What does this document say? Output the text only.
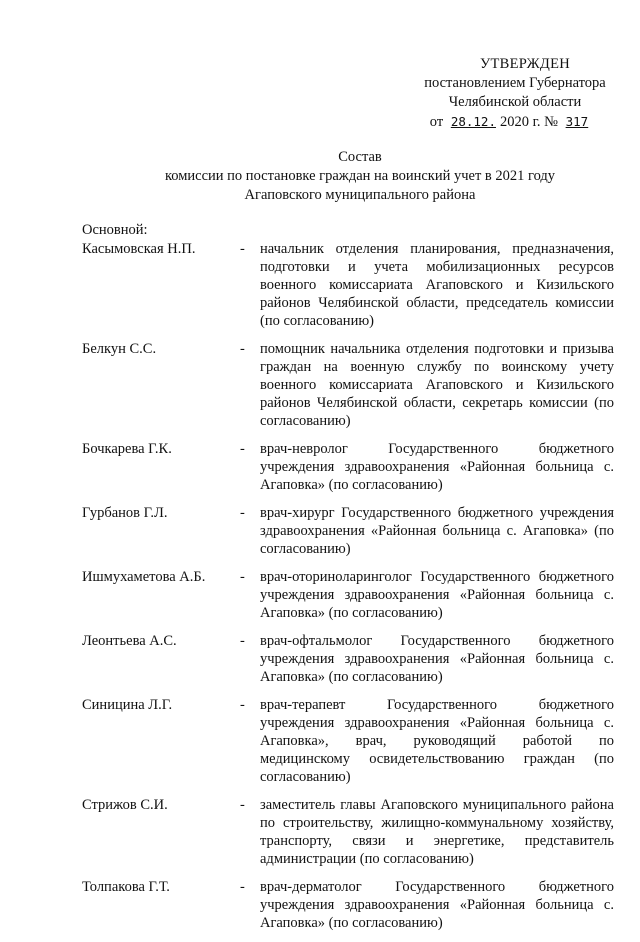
УТВЕРЖДЕН
постановлением Губернатора
Челябинской области
от 28.12. 2020 г. № 317
Состав
комиссии по постановке граждан на воинский учет в 2021 году
Агаповского муниципального района
Основной:
Касымовская Н.П.	-	начальник отделения планирования, предназначения, подготовки и учета мобилизационных ресурсов военного комиссариата Агаповского и Кизильского районов Челябинской области, председатель комиссии (по согласованию)
Белкун С.С.	-	помощник начальника отделения подготовки и призыва граждан на военную службу по воинскому учету военного комиссариата Агаповского и Кизильского районов Челябинской области, секретарь комиссии (по согласованию)
Бочкарева Г.К.	-	врач-невролог Государственного бюджетного учреждения здравоохранения «Районная больница с. Агаповка» (по согласованию)
Гурбанов Г.Л.	-	врач-хирург Государственного бюджетного учреждения здравоохранения «Районная больница с. Агаповка» (по согласованию)
Ишмухаметова А.Б.	-	врач-оториноларинголог Государственного бюджетного учреждения здравоохранения «Районная больница с. Агаповка» (по согласованию)
Леонтьева А.С.	-	врач-офтальмолог Государственного бюджетного учреждения здравоохранения «Районная больница с. Агаповка» (по согласованию)
Синицина Л.Г.	-	врач-терапевт Государственного бюджетного учреждения здравоохранения «Районная больница с. Агаповка», врач, руководящий работой по медицинскому освидетельствованию граждан (по согласованию)
Стрижов С.И.	-	заместитель главы Агаповского муниципального района по строительству, жилищно-коммунальному хозяйству, транспорту, связи и энергетике, представитель администрации (по согласованию)
Толпакова Г.Т.	-	врач-дерматолог Государственного бюджетного учреждения здравоохранения «Районная больница с. Агаповка» (по согласованию)
